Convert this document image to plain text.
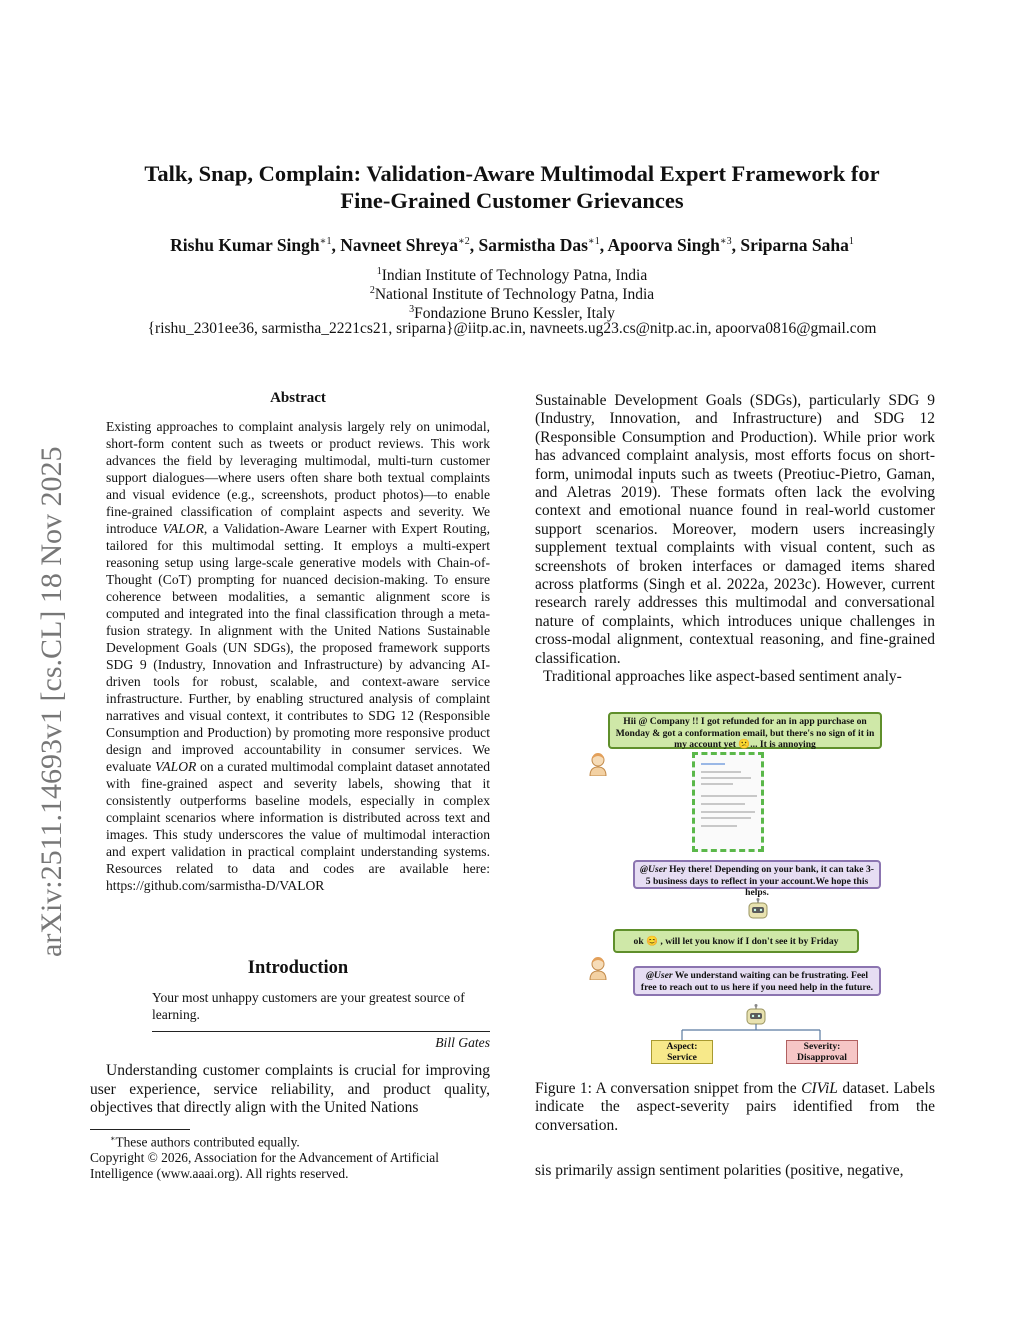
arXiv:2511.14693v1 [cs.CL] 18 Nov 2025
Talk, Snap, Complain: Validation-Aware Multimodal Expert Framework for
Fine-Grained Customer Grievances
Rishu Kumar Singh$^{∗1}$, Navneet Shreya$^{∗2}$, Sarmistha Das$^{∗1}$, Apoorva Singh$^{∗3}$, Sriparna Saha$^1$
$^1$Indian Institute of Technology Patna, India
$^2$National Institute of Technology Patna, India
$^3$Fondazione Bruno Kessler, Italy
{rishu_2301ee36, sarmistha_2221cs21, sriparna}@iitp.ac.in, navneets.ug23.cs@nitp.ac.in, apoorva0816@gmail.com
Abstract
Existing approaches to complaint analysis largely rely on unimodal, short-form content such as tweets or product reviews. This work advances the field by leveraging multimodal, multi-turn customer support dialogues—where users often share both textual complaints and visual evidence (e.g., screenshots, product photos)—to enable fine-grained classification of complaint aspects and severity. We introduce VALOR, a Validation-Aware Learner with Expert Routing, tailored for this multimodal setting. It employs a multi-expert reasoning setup using large-scale generative models with Chain-of-Thought (CoT) prompting for nuanced decision-making. To ensure coherence between modalities, a semantic alignment score is computed and integrated into the final classification through a meta-fusion strategy. In alignment with the United Nations Sustainable Development Goals (UN SDGs), the proposed framework supports SDG 9 (Industry, Innovation and Infrastructure) by advancing AI-driven tools for robust, scalable, and context-aware service infrastructure. Further, by enabling structured analysis of complaint narratives and visual context, it contributes to SDG 12 (Responsible Consumption and Production) by promoting more responsive product design and improved accountability in consumer services. We evaluate VALOR on a curated multimodal complaint dataset annotated with fine-grained aspect and severity labels, showing that it consistently outperforms baseline models, especially in complex complaint scenarios where information is distributed across text and images. This study underscores the value of multimodal interaction and expert validation in practical complaint understanding systems. Resources related to data and codes are available here: https://github.com/sarmistha-D/VALOR
Introduction
Your most unhappy customers are your greatest source of learning.
Bill Gates
Understanding customer complaints is crucial for improving user experience, service reliability, and product quality, objectives that directly align with the United Nations
∗These authors contributed equally.
Copyright © 2026, Association for the Advancement of Artificial Intelligence (www.aaai.org). All rights reserved.
Sustainable Development Goals (SDGs), particularly SDG 9 (Industry, Innovation, and Infrastructure) and SDG 12 (Responsible Consumption and Production). While prior work has advanced complaint analysis, most efforts focus on short-form, unimodal inputs such as tweets (Preotiuc-Pietro, Gaman, and Aletras 2019). These formats often lack the evolving context and emotional nuance found in real-world customer support scenarios. Moreover, modern users increasingly supplement textual complaints with visual content, such as screenshots of broken interfaces or damaged items shared across platforms (Singh et al. 2022a, 2023c). However, current research rarely addresses this multimodal and conversational nature of complaints, which introduces unique challenges in cross-modal alignment, contextual reasoning, and fine-grained classification.
Traditional approaches like aspect-based sentiment analy-
Hii @ Company !! I got refunded for an in app purchase on Monday & got a conformation email, but there's no sign of it in my account yet 😕... It is annoying
@User Hey there! Depending on your bank, it can take 3-5 business days to reflect in your account.We hope this helps.
ok 😊 , will let you know if I don't see it by Friday
@User We understand waiting can be frustrating. Feel free to reach out to us here if you need help in the future.
Aspect:
Service
Severity:
Disapproval
Figure 1: A conversation snippet from the CIViL dataset. Labels indicate the aspect-severity pairs identified from the conversation.
sis primarily assign sentiment polarities (positive, negative,
